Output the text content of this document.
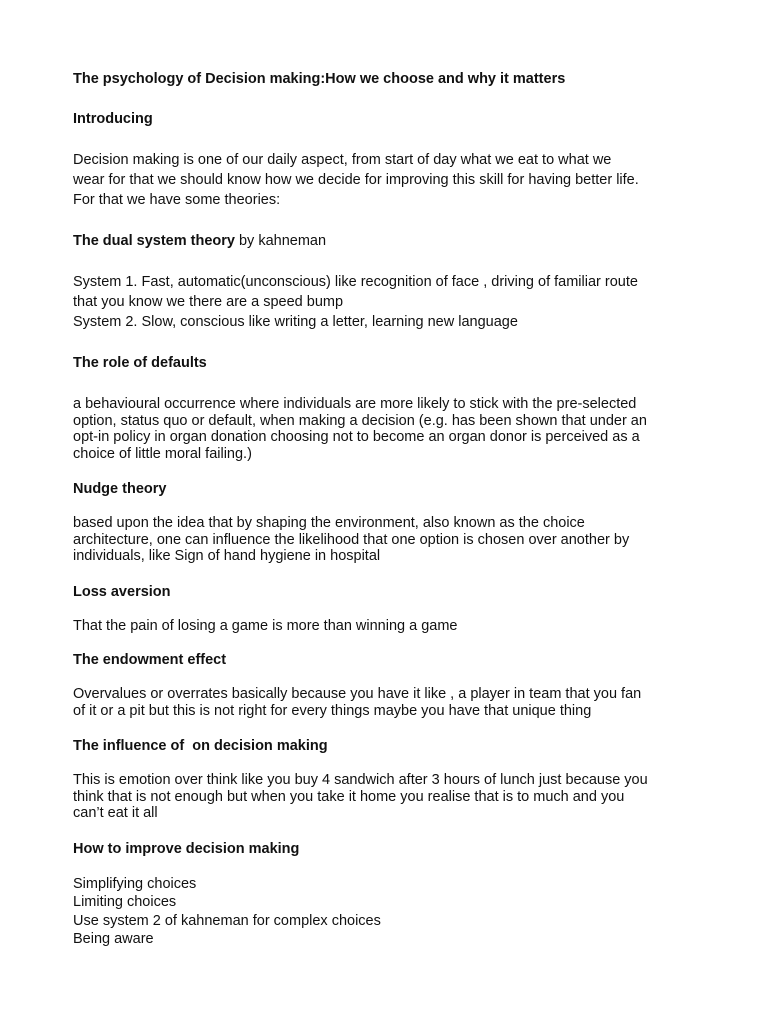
The psychology of Decision making:How we choose and why it matters
Introducing
Decision making is one of our daily aspect, from start of day what we eat to what we
wear for that we should know how we decide for improving this skill for having better life.
For that we have some theories:
The dual system theory by kahneman
System 1. Fast, automatic(unconscious) like recognition of face , driving of familiar route
that you know we there are a speed bump
System 2. Slow, conscious like writing a letter, learning new language
The role of defaults
a behavioural occurrence where individuals are more likely to stick with the pre-selected
option, status quo or default, when making a decision (e.g. has been shown that under an
opt-in policy in organ donation choosing not to become an organ donor is perceived as a
choice of little moral failing.)
Nudge theory
based upon the idea that by shaping the environment, also known as the choice
architecture, one can influence the likelihood that one option is chosen over another by
individuals, like Sign of hand hygiene in hospital
Loss aversion
That the pain of losing a game is more than winning a game
The endowment effect
Overvalues or overrates basically because you have it like , a player in team that you fan
of it or a pit but this is not right for every things maybe you have that unique thing
The influence of  on decision making
This is emotion over think like you buy 4 sandwich after 3 hours of lunch just because you
think that is not enough but when you take it home you realise that is to much and you
can’t eat it all
How to improve decision making
Simplifying choices
Limiting choices
Use system 2 of kahneman for complex choices
Being aware
